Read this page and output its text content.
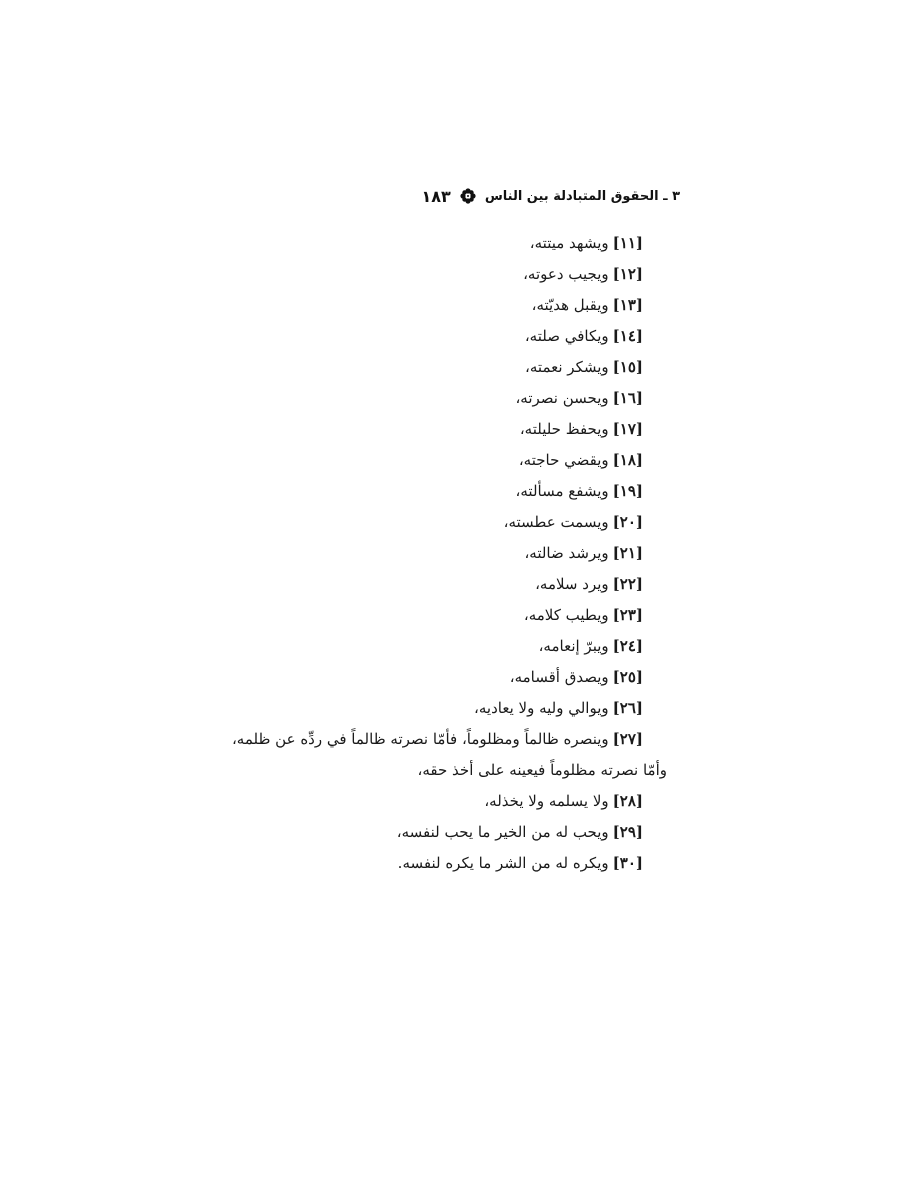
٣ ـ الحقوق المتبادلة بين الناس
١٨٣
[١١]ويشهد ميتته،
[١٢]ويجيب دعوته،
[١٣]ويقبل هديّته،
[١٤]ويكافي صلته،
[١٥]ويشكر نعمته،
[١٦]ويحسن نصرته،
[١٧]ويحفظ حليلته،
[١٨]ويقضي حاجته،
[١٩]ويشفع مسألته،
[٢٠]ويسمت عطسته،
[٢١]ويرشد ضالته،
[٢٢]ويرد سلامه،
[٢٣]ويطيب كلامه،
[٢٤]ويبرّ إنعامه،
[٢٥]ويصدق أقسامه،
[٢٦]ويوالي وليه ولا يعاديه،
[٢٧]وينصره ظالماً ومظلوماً، فأمّا نصرته ظالماً في ردِّه عن ظلمه،
وأمّا نصرته مظلوماً فيعينه على أخذ حقه،
[٢٨]ولا يسلمه ولا يخذله،
[٢٩]ويحب له من الخير ما يحب لنفسه،
[٣٠]ويكره له من الشر ما يكره لنفسه.
